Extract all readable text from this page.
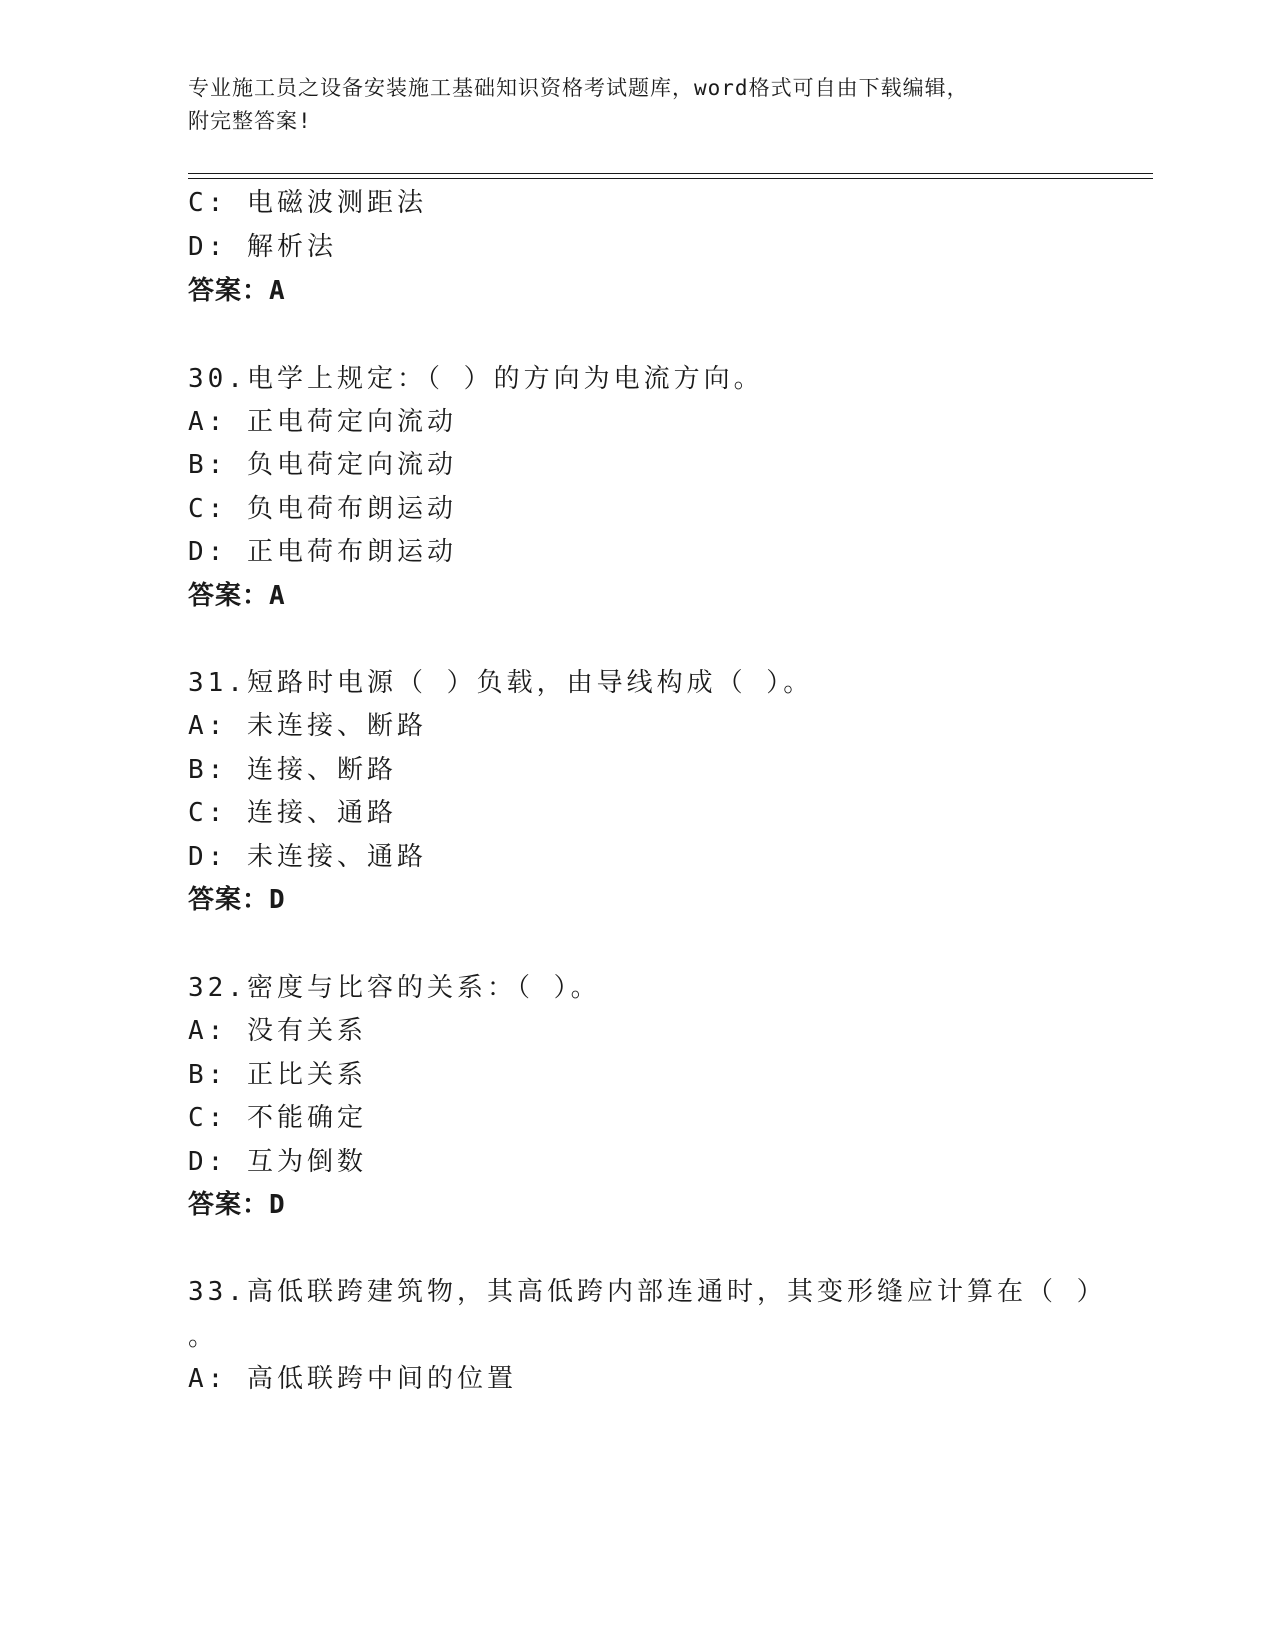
专业施工员之设备安装施工基础知识资格考试题库，word格式可自由下载编辑，
附完整答案!
C: 电磁波测距法
D: 解析法
答案：A
30.电学上规定：（ ）的方向为电流方向。
A: 正电荷定向流动
B: 负电荷定向流动
C: 负电荷布朗运动
D: 正电荷布朗运动
答案：A
31.短路时电源（ ）负载，由导线构成（ ）。
A: 未连接、断路
B: 连接、断路
C: 连接、通路
D: 未连接、通路
答案：D
32.密度与比容的关系：（ ）。
A: 没有关系
B: 正比关系
C: 不能确定
D: 互为倒数
答案：D
33.高低联跨建筑物，其高低跨内部连通时，其变形缝应计算在（ ）
。
A: 高低联跨中间的位置
